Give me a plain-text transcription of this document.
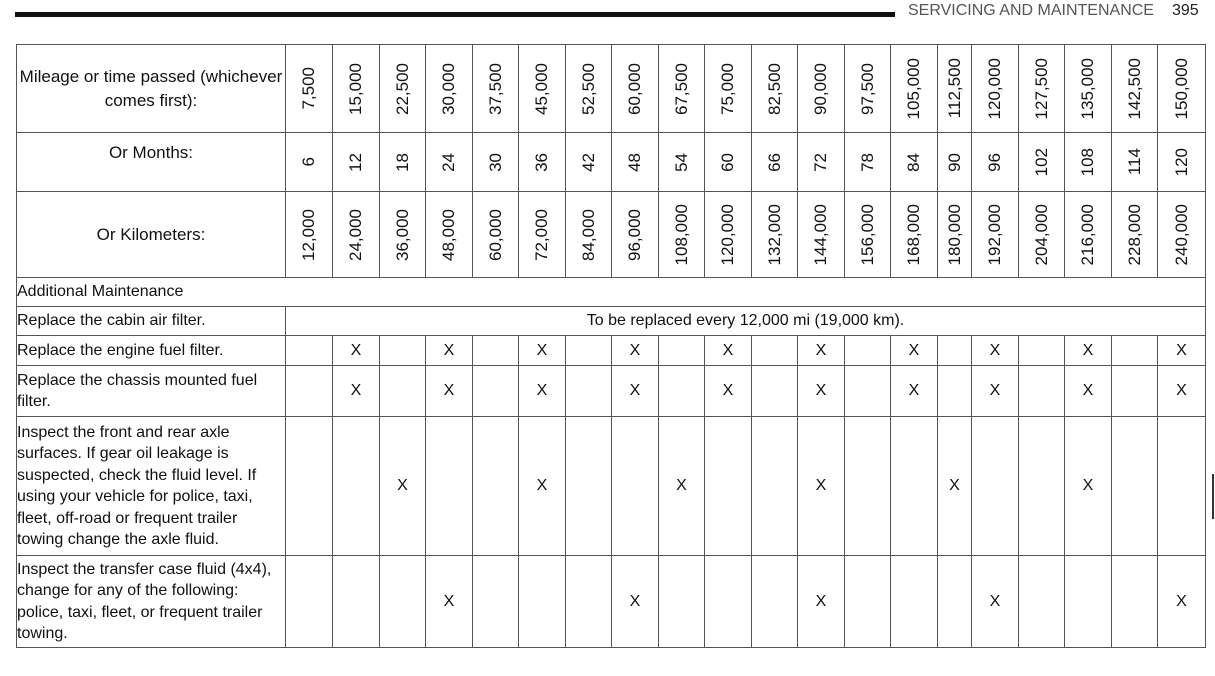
SERVICING AND MAINTENANCE 395
Mileage or time passed (whichever comes first):	7,500	15,000	22,500	30,000	37,500	45,000	52,500	60,000	67,500	75,000	82,500	90,000	97,500	105,000	112,500	120,000	127,500	135,000	142,500	150,000

Or Months:	6	12	18	24	30	36	42	48	54	60	66	72	78	84	90	96	102	108	114	120

Or Kilometers:	12,000	24,000	36,000	48,000	60,000	72,000	84,000	96,000	108,000	120,000	132,000	144,000	156,000	168,000	180,000	192,000	204,000	216,000	228,000	240,000

Additional Maintenance																				
Replace the cabin air filter.	To be replaced every 12,000 mi (19,000 km).																			
Replace the engine fuel filter.		X		X		X		X		X		X		X		X		X		X
Replace the chassis mounted fuel filter.		X		X		X		X		X		X		X		X		X		X
Inspect the front and rear axle surfaces. If gear oil leakage is suspected, check the fluid level. If using your vehicle for police, taxi, fleet, off-road or frequent trailer towing change the axle fluid.			X			X			X			X			X			X		
Inspect the transfer case fluid (4x4), change for any of the following: police, taxi, fleet, or frequent trailer towing.				X				X				X				X				X
